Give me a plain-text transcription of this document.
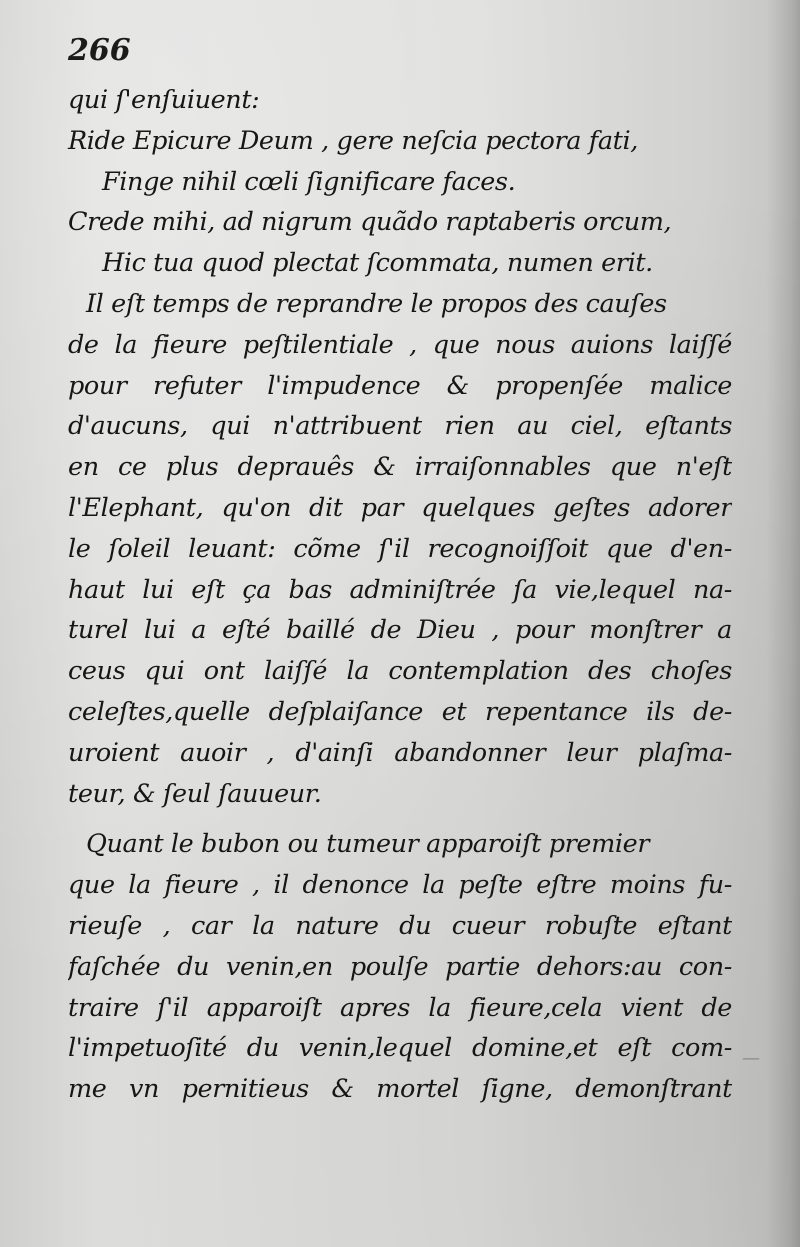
266
qui ſ'enſuiuent:
Ride Epicure Deum , gere neſcia pectora fati,
Finge nihil cœli ſignificare faces.
Crede mihi, ad nigrum quãdo raptaberis orcum,
Hic tua quod plectat ſcommata, numen erit.
Il eſt temps de reprandre le propos des cauſes
de la fieure peſtilentiale , que nous auions laiſſé
pour refuter l'impudence & propenſée malice
d'aucuns, qui n'attribuent rien au ciel, eſtants
en ce plus deprauês & irraiſonnables que n'eſt
l'Elephant, qu'on dit par quelques geſtes adorer
le ſoleil leuant: cõme ſ'il recognoiſſoit que d'en-
haut lui eſt ça bas adminiſtrée ſa vie,lequel na-
turel lui a eſté baillé de Dieu , pour monſtrer a
ceus qui ont laiſſé la contemplation des choſes
celeſtes,quelle deſplaiſance et repentance ils de-
uroient auoir , d'ainſi abandonner leur plaſma-
teur, & ſeul ſauueur.
Quant le bubon ou tumeur apparoiſt premier
que la fieure , il denonce la peſte eſtre moins fu-
rieuſe , car la nature du cueur robuſte eſtant
faſchée du venin,en poulſe partie dehors:au con-
traire ſ'il apparoiſt apres la fieure,cela vient de
l'impetuoſité du venin,lequel domine,et eſt com-
me vn pernitieus & mortel ſigne, demonſtrant
—
